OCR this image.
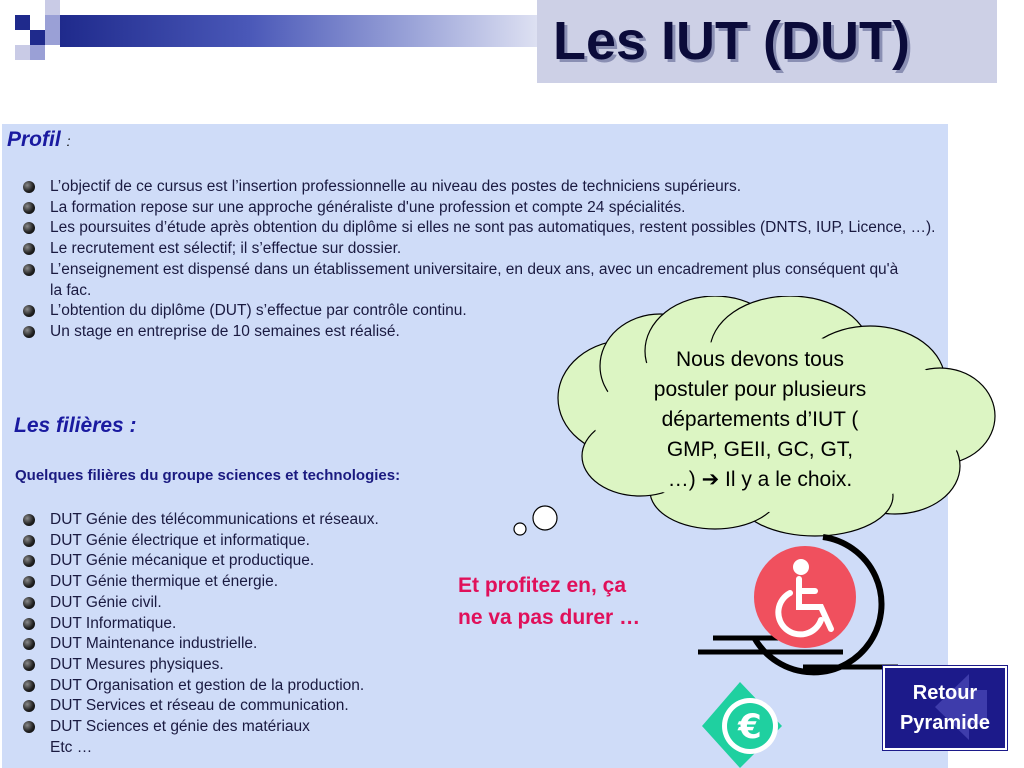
Les IUT (DUT)
Profil :
L’objectif de ce cursus est l’insertion professionnelle au niveau des postes de techniciens supérieurs.
La formation repose sur une approche généraliste d'une profession et compte 24 spécialités.
Les poursuites d’étude après obtention du diplôme si elles ne sont pas automatiques, restent possibles (DNTS, IUP, Licence, …).
Le recrutement est sélectif; il s’effectue sur dossier.
L’enseignement est dispensé dans un établissement universitaire, en deux ans, avec un encadrement plus conséquent qu'à la fac.
L’obtention du diplôme (DUT) s’effectue par contrôle continu.
Un stage en entreprise de 10 semaines est réalisé.
Les filières :
Quelques filières du groupe sciences et technologies:
DUT Génie des télécommunications et réseaux.
DUT Génie électrique et informatique.
DUT Génie mécanique et productique.
DUT Génie thermique et énergie.
DUT Génie civil.
DUT Informatique.
DUT Maintenance industrielle.
DUT Mesures physiques.
DUT Organisation et gestion de la production.
DUT Services et réseau de communication.
DUT Sciences et génie des matériaux
Etc …
Nous devons tous
postuler pour plusieurs
départements d’IUT (
GMP, GEII, GC, GT,
…) ➔ Il y a le choix.
Et profitez en, ça
ne va pas durer …
€
Retour
Pyramide
